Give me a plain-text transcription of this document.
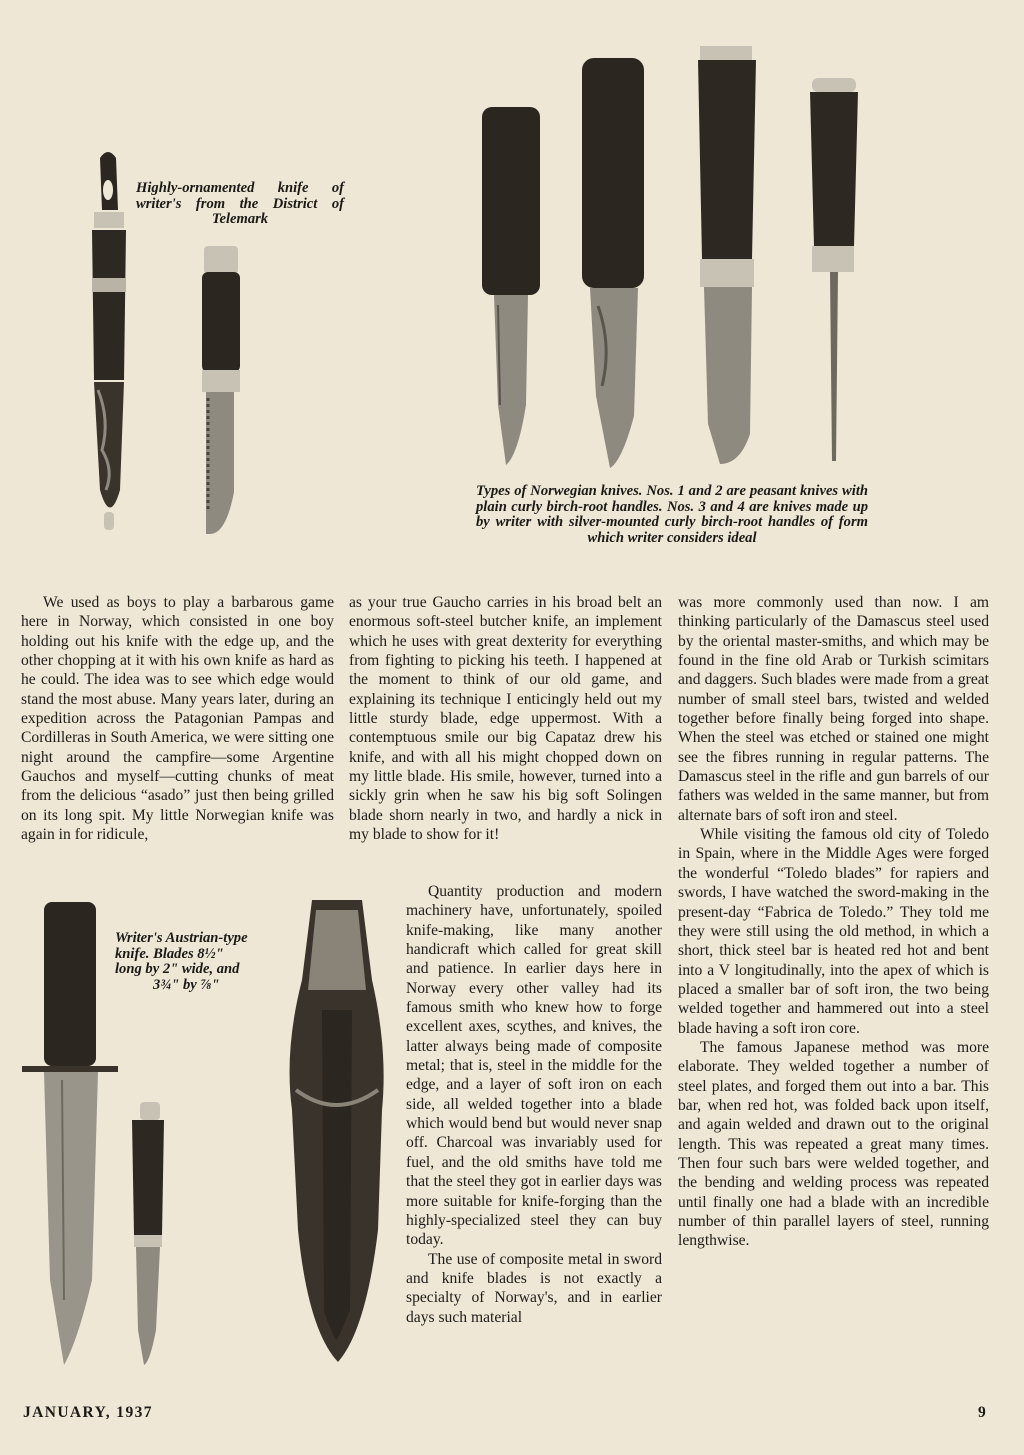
Highly-ornamented knife of writer's from the District of Telemark
Types of Norwegian knives. Nos. 1 and 2 are peasant knives with plain curly birch-root handles. Nos. 3 and 4 are knives made up by writer with silver-mounted curly birch-root handles of form which writer considers ideal
Writer's Austrian-type
knife. Blades 8½"
long by 2" wide, and
3¾" by ⅞"

We used as boys to play a barbarous game here in Norway, which consisted in one boy holding out his knife with the edge up, and the other chopping at it with his own knife as hard as he could. The idea was to see which edge would stand the most abuse. Many years later, during an expedition across the Patagonian Pampas and Cordilleras in South America, we were sitting one night around the campfire—some Argentine Gauchos and myself—cutting chunks of meat from the delicious “asado” just then being grilled on its long spit. My little Norwegian knife was again in for ridicule,

as your true Gaucho carries in his broad belt an enormous soft-steel butcher knife, an implement which he uses with great dexterity for everything from fighting to picking his teeth. I happened at the moment to think of our old game, and explaining its technique I enticingly held out my little sturdy blade, edge uppermost. With a contemptuous smile our big Capataz drew his knife, and with all his might chopped down on my little blade. His smile, however, turned into a sickly grin when he saw his big soft Solingen blade shorn nearly in two, and hardly a nick in my blade to show for it!

Quantity production and modern machinery have, unfortunately, spoiled knife-making, like many another handicraft which called for great skill and patience. In earlier days here in Norway every other valley had its famous smith who knew how to forge excellent axes, scythes, and knives, the latter always being made of composite metal; that is, steel in the middle for the edge, and a layer of soft iron on each side, all welded together into a blade which would bend but would never snap off. Charcoal was invariably used for fuel, and the old smiths have told me that the steel they got in earlier days was more suitable for knife-forging than the highly-specialized steel they can buy today.

The use of composite metal in sword and knife blades is not exactly a specialty of Norway's, and in earlier days such material

was more commonly used than now. I am thinking particularly of the Damascus steel used by the oriental master-smiths, and which may be found in the fine old Arab or Turkish scimitars and daggers. Such blades were made from a great number of small steel bars, twisted and welded together before finally being forged into shape. When the steel was etched or stained one might see the fibres running in regular patterns. The Damascus steel in the rifle and gun barrels of our fathers was welded in the same manner, but from alternate bars of soft iron and steel.

While visiting the famous old city of Toledo in Spain, where in the Middle Ages were forged the wonderful “Toledo blades” for rapiers and swords, I have watched the sword-making in the present-day “Fabrica de Toledo.” They told me they were still using the old method, in which a short, thick steel bar is heated red hot and bent into a V longitudinally, into the apex of which is placed a smaller bar of soft iron, the two being welded together and hammered out into a steel blade having a soft iron core.

The famous Japanese method was more elaborate. They welded together a number of steel plates, and forged them out into a bar. This bar, when red hot, was folded back upon itself, and again welded and drawn out to the original length. This was repeated a great many times. Then four such bars were welded together, and the bending and welding process was repeated until finally one had a blade with an incredible number of thin parallel layers of steel, running lengthwise.

JANUARY, 1937	9
